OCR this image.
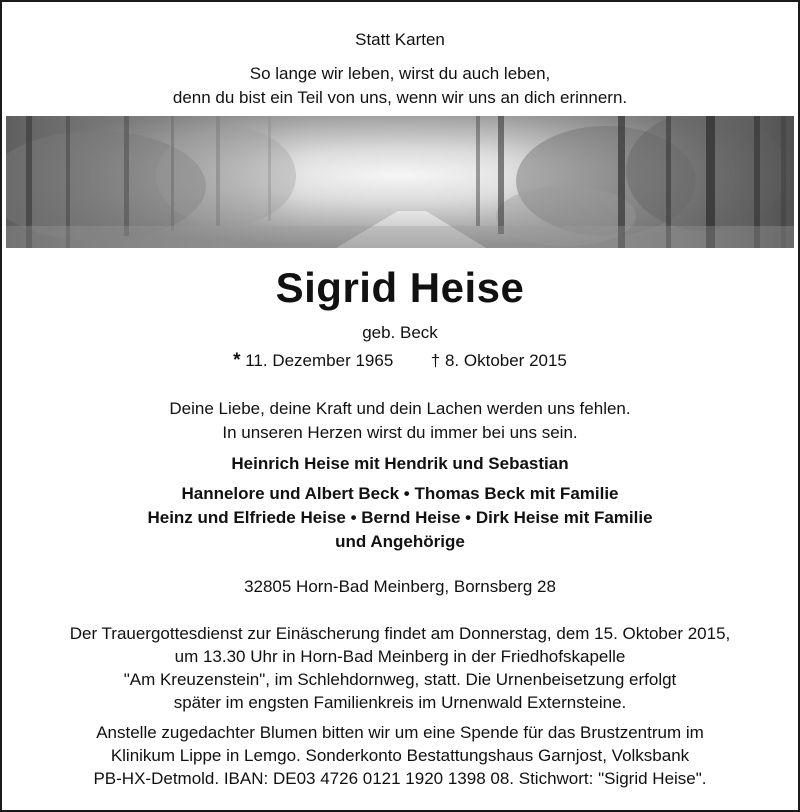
Statt Karten
So lange wir leben, wirst du auch leben,
denn du bist ein Teil von uns, wenn wir uns an dich erinnern.
Sigrid Heise
geb. Beck
* 11. Dezember 1965 † 8. Oktober 2015
Deine Liebe, deine Kraft und dein Lachen werden uns fehlen.
In unseren Herzen wirst du immer bei uns sein.
Heinrich Heise mit Hendrik und Sebastian
Hannelore und Albert Beck • Thomas Beck mit Familie
Heinz und Elfriede Heise • Bernd Heise • Dirk Heise mit Familie
und Angehörige
32805 Horn-Bad Meinberg, Bornsberg 28
Der Trauergottesdienst zur Einäscherung findet am Donnerstag, dem 15. Oktober 2015,
um 13.30 Uhr in Horn-Bad Meinberg in der Friedhofskapelle
"Am Kreuzenstein", im Schlehdornweg, statt. Die Urnenbeisetzung erfolgt
später im engsten Familienkreis im Urnenwald Externsteine.
Anstelle zugedachter Blumen bitten wir um eine Spende für das Brustzentrum im
Klinikum Lippe in Lemgo. Sonderkonto Bestattungshaus Garnjost, Volksbank
PB-HX-Detmold. IBAN: DE03 4726 0121 1920 1398 08. Stichwort: "Sigrid Heise".
